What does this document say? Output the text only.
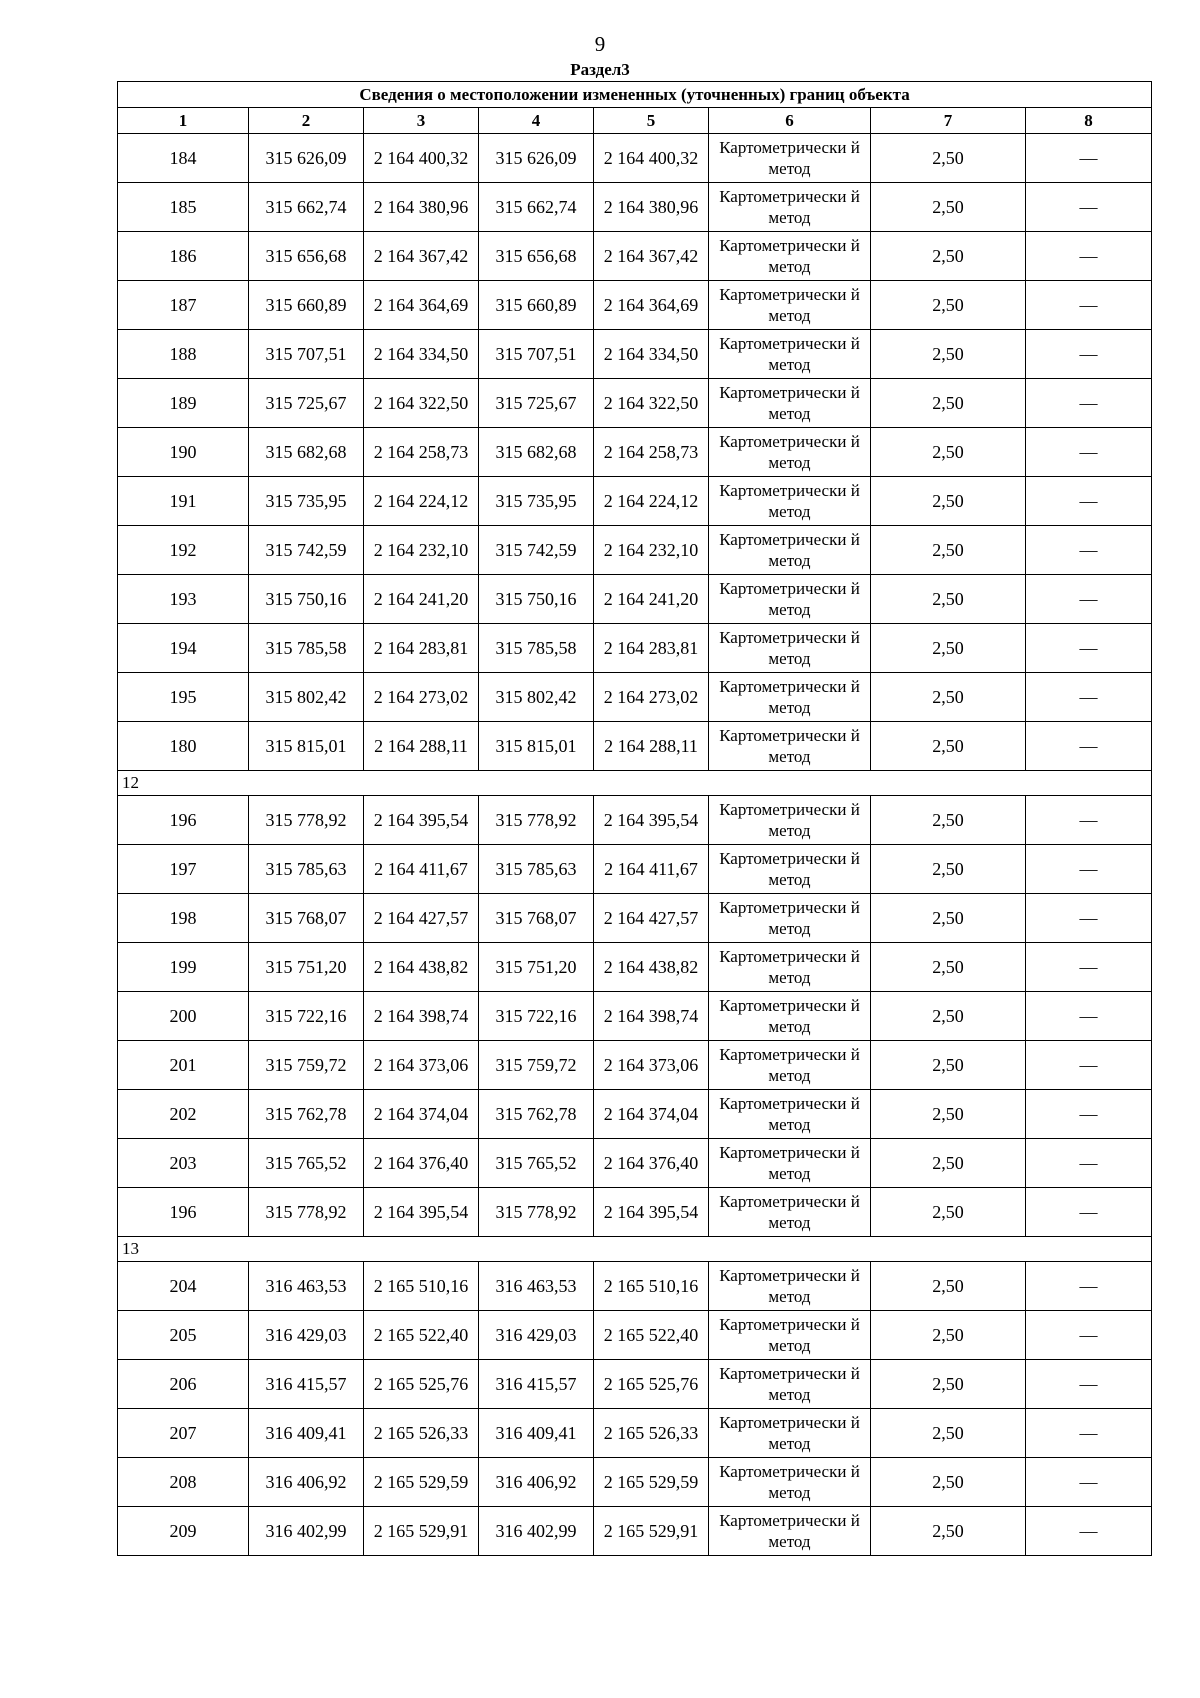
9
Раздел3
Сведения о местоположении измененных (уточненных) границ объекта							
1	2	3	4	5	6	7	8
184	315 626,09	2 164 400,32	315 626,09	2 164 400,32	Картометрически й метод	2,50	—
185	315 662,74	2 164 380,96	315 662,74	2 164 380,96	Картометрически й метод	2,50	—
186	315 656,68	2 164 367,42	315 656,68	2 164 367,42	Картометрически й метод	2,50	—
187	315 660,89	2 164 364,69	315 660,89	2 164 364,69	Картометрически й метод	2,50	—
188	315 707,51	2 164 334,50	315 707,51	2 164 334,50	Картометрически й метод	2,50	—
189	315 725,67	2 164 322,50	315 725,67	2 164 322,50	Картометрически й метод	2,50	—
190	315 682,68	2 164 258,73	315 682,68	2 164 258,73	Картометрически й метод	2,50	—
191	315 735,95	2 164 224,12	315 735,95	2 164 224,12	Картометрически й метод	2,50	—
192	315 742,59	2 164 232,10	315 742,59	2 164 232,10	Картометрически й метод	2,50	—
193	315 750,16	2 164 241,20	315 750,16	2 164 241,20	Картометрически й метод	2,50	—
194	315 785,58	2 164 283,81	315 785,58	2 164 283,81	Картометрически й метод	2,50	—
195	315 802,42	2 164 273,02	315 802,42	2 164 273,02	Картометрически й метод	2,50	—
180	315 815,01	2 164 288,11	315 815,01	2 164 288,11	Картометрически й метод	2,50	—
12							
196	315 778,92	2 164 395,54	315 778,92	2 164 395,54	Картометрически й метод	2,50	—
197	315 785,63	2 164 411,67	315 785,63	2 164 411,67	Картометрически й метод	2,50	—
198	315 768,07	2 164 427,57	315 768,07	2 164 427,57	Картометрически й метод	2,50	—
199	315 751,20	2 164 438,82	315 751,20	2 164 438,82	Картометрически й метод	2,50	—
200	315 722,16	2 164 398,74	315 722,16	2 164 398,74	Картометрически й метод	2,50	—
201	315 759,72	2 164 373,06	315 759,72	2 164 373,06	Картометрически й метод	2,50	—
202	315 762,78	2 164 374,04	315 762,78	2 164 374,04	Картометрически й метод	2,50	—
203	315 765,52	2 164 376,40	315 765,52	2 164 376,40	Картометрически й метод	2,50	—
196	315 778,92	2 164 395,54	315 778,92	2 164 395,54	Картометрически й метод	2,50	—
13							
204	316 463,53	2 165 510,16	316 463,53	2 165 510,16	Картометрически й метод	2,50	—
205	316 429,03	2 165 522,40	316 429,03	2 165 522,40	Картометрически й метод	2,50	—
206	316 415,57	2 165 525,76	316 415,57	2 165 525,76	Картометрически й метод	2,50	—
207	316 409,41	2 165 526,33	316 409,41	2 165 526,33	Картометрически й метод	2,50	—
208	316 406,92	2 165 529,59	316 406,92	2 165 529,59	Картометрически й метод	2,50	—
209	316 402,99	2 165 529,91	316 402,99	2 165 529,91	Картометрически й метод	2,50	—
